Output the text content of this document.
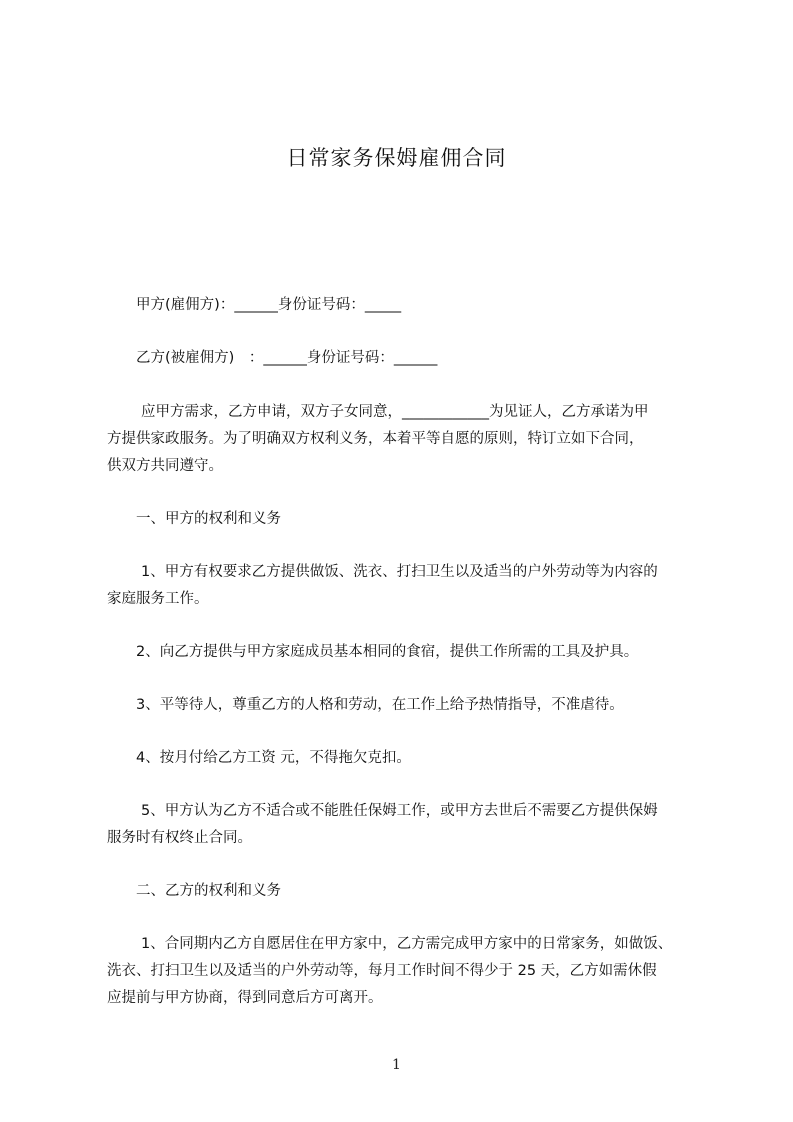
日常家务保姆雇佣合同
甲方(雇佣方)：______身份证号码：_____
乙方(被雇佣方)　：______身份证号码：______
应甲方需求，乙方申请，双方子女同意，____________为见证人，乙方承诺为甲
方提供家政服务。为了明确双方权利义务，本着平等自愿的原则，特订立如下合同，
供双方共同遵守。
一、甲方的权利和义务
1、甲方有权要求乙方提供做饭、洗衣、打扫卫生以及适当的户外劳动等为内容的
家庭服务工作。
2、向乙方提供与甲方家庭成员基本相同的食宿，提供工作所需的工具及护具。
3、平等待人，尊重乙方的人格和劳动，在工作上给予热情指导，不准虐待。
4、按月付给乙方工资 元，不得拖欠克扣。
5、甲方认为乙方不适合或不能胜任保姆工作，或甲方去世后不需要乙方提供保姆
服务时有权终止合同。
二、乙方的权利和义务
1、合同期内乙方自愿居住在甲方家中，乙方需完成甲方家中的日常家务，如做饭、
洗衣、打扫卫生以及适当的户外劳动等，每月工作时间不得少于 25 天，乙方如需休假
应提前与甲方协商，得到同意后方可离开。
1
